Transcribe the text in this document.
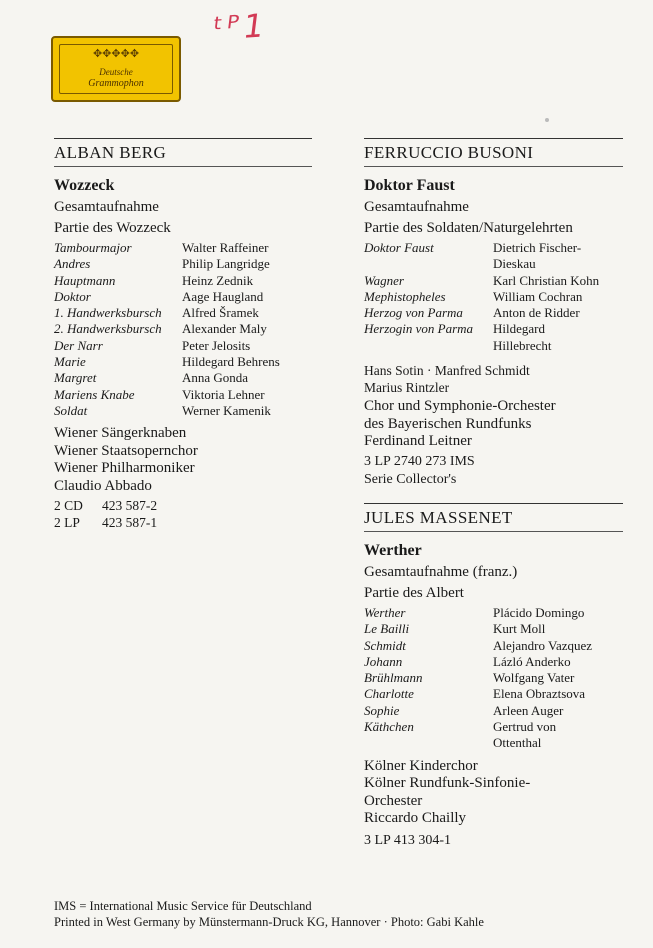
ᵗᴾ1
✥✥✥✥✥
Deutsche
Grammophon
ALBAN BERG
Wozzeck
Gesamtaufnahme
Partie des Wozzeck
Tambourmajor	Walter Raffeiner
Andres	Philip Langridge
Hauptmann	Heinz Zednik
Doktor	Aage Haugland
1. Handwerksbursch	Alfred Šramek
2. Handwerksbursch	Alexander Maly
Der Narr	Peter Jelosits
Marie	Hildegard Behrens
Margret	Anna Gonda
Mariens Knabe	Viktoria Lehner
Soldat	Werner Kamenik
Wiener Sängerknaben
Wiener Staatsopernchor
Wiener Philharmoniker
Claudio Abbado
2 CD	423 587-2
2 LP	423 587-1
FERRUCCIO BUSONI
Doktor Faust
Gesamtaufnahme
Partie des Soldaten/Naturgelehrten
Doktor Faust	Dietrich Fischer-
Dieskau
Wagner	Karl Christian Kohn
Mephistopheles	William Cochran
Herzog von Parma	Anton de Ridder
Herzogin von Parma	Hildegard
Hillebrecht
Hans Sotin · Manfred Schmidt
Marius Rintzler
Chor und Symphonie-Orchester
des Bayerischen Rundfunks
Ferdinand Leitner
3 LP 2740 273 IMS
Serie Collector's
JULES MASSENET
Werther
Gesamtaufnahme (franz.)
Partie des Albert
Werther	Plácido Domingo
Le Bailli	Kurt Moll
Schmidt	Alejandro Vazquez
Johann	Lázló Anderko
Brühlmann	Wolfgang Vater
Charlotte	Elena Obraztsova
Sophie	Arleen Auger
Käthchen	Gertrud von
Ottenthal
Kölner Kinderchor
Kölner Rundfunk-Sinfonie-
Orchester
Riccardo Chailly
3 LP 413 304-1
IMS = International Music Service für Deutschland
Printed in West Germany by Münstermann-Druck KG, Hannover · Photo: Gabi Kahle
